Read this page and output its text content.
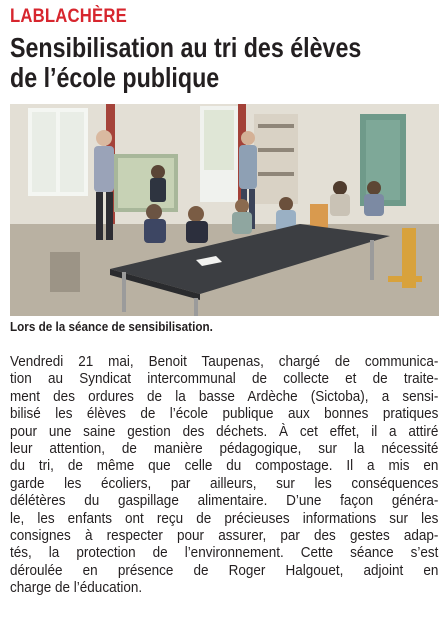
LABLACHÈRE
Sensibilisation au tri des élèves
de l’école publique
Lors de la séance de sensibilisation.
Vendredi 21 mai, Benoit Taupenas, chargé de communica-
tion au Syndicat intercommunal de collecte et de traite-
ment des ordures de la basse Ardèche (Sictoba), a sensi-
bilisé les élèves de l’école publique aux bonnes pratiques
pour une saine gestion des déchets. À cet effet, il a attiré
leur attention, de manière pédagogique, sur la nécessité
du tri, de même que celle du compostage. Il a mis en
garde les écoliers, par ailleurs, sur les conséquences
délétères du gaspillage alimentaire. D’une façon généra-
le, les enfants ont reçu de précieuses informations sur les
consignes à respecter pour assurer, par des gestes adap-
tés, la protection de l’environnement. Cette séance s’est
déroulée en présence de Roger Halgouet, adjoint en
charge de l’éducation.
